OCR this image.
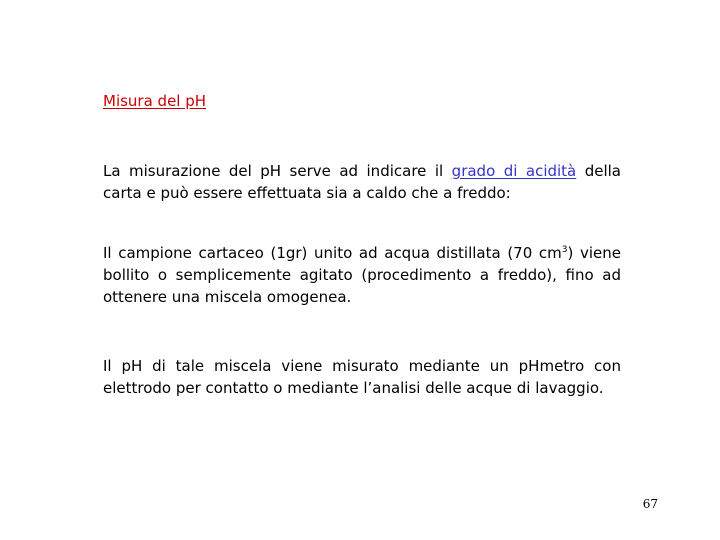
Misura del pH

La misurazione del pH serve ad indicare il grado di acidità della carta e può essere effettuata sia a caldo che a freddo:

Il campione cartaceo (1gr) unito ad acqua distillata (70 $cm^3$) viene bollito o semplicemente agitato (procedimento a freddo), fino ad ottenere una miscela omogenea.

Il pH di tale miscela viene misurato mediante un pHmetro con elettrodo per contatto o mediante l’analisi delle acque di lavaggio.

67
